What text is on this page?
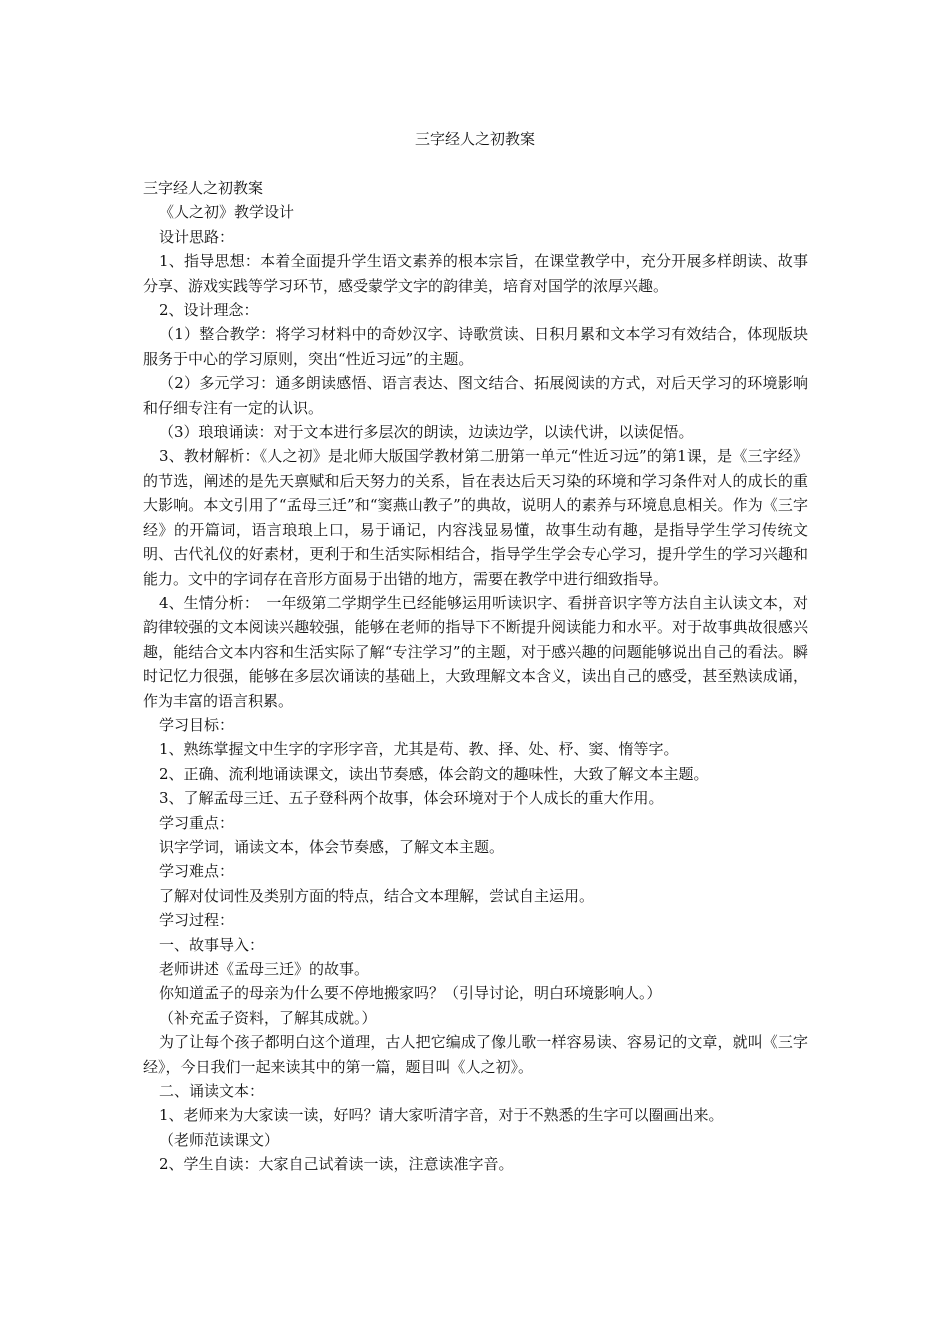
三字经人之初教案

三字经人之初教案

《人之初》教学设计

设计思路：

1、指导思想：本着全面提升学生语文素养的根本宗旨，在课堂教学中，充分开展多样朗读、故事分享、游戏实践等学习环节，感受蒙学文字的韵律美，培育对国学的浓厚兴趣。

2、设计理念：

（1）整合教学：将学习材料中的奇妙汉字、诗歌赏读、日积月累和文本学习有效结合，体现版块服务于中心的学习原则，突出“性近习远”的主题。

（2）多元学习：通多朗读感悟、语言表达、图文结合、拓展阅读的方式，对后天学习的环境影响和仔细专注有一定的认识。

（3）琅琅诵读：对于文本进行多层次的朗读，边读边学，以读代讲，以读促悟。

3、教材解析：《人之初》是北师大版国学教材第二册第一单元“性近习远”的第1课，是《三字经》的节选，阐述的是先天禀赋和后天努力的关系，旨在表达后天习染的环境和学习条件对人的成长的重大影响。本文引用了“孟母三迁”和“窦燕山教子”的典故，说明人的素养与环境息息相关。作为《三字经》的开篇词，语言琅琅上口，易于诵记，内容浅显易懂，故事生动有趣，是指导学生学习传统文明、古代礼仪的好素材，更利于和生活实际相结合，指导学生学会专心学习，提升学生的学习兴趣和能力。文中的字词存在音形方面易于出错的地方，需要在教学中进行细致指导。

4、生情分析：　一年级第二学期学生已经能够运用听读识字、看拼音识字等方法自主认读文本，对韵律较强的文本阅读兴趣较强，能够在老师的指导下不断提升阅读能力和水平。对于故事典故很感兴趣，能结合文本内容和生活实际了解“专注学习”的主题，对于感兴趣的问题能够说出自己的看法。瞬时记忆力很强，能够在多层次诵读的基础上，大致理解文本含义，读出自己的感受，甚至熟读成诵，作为丰富的语言积累。

学习目标：

1、熟练掌握文中生字的字形字音，尤其是苟、教、择、处、杼、窦、惰等字。

2、正确、流利地诵读课文，读出节奏感，体会韵文的趣味性，大致了解文本主题。

3、了解孟母三迁、五子登科两个故事，体会环境对于个人成长的重大作用。

学习重点：

识字学词，诵读文本，体会节奏感，了解文本主题。

学习难点：

了解对仗词性及类别方面的特点，结合文本理解，尝试自主运用。

学习过程：

一、故事导入：

老师讲述《孟母三迁》的故事。

你知道孟子的母亲为什么要不停地搬家吗？（引导讨论，明白环境影响人。）

（补充孟子资料，了解其成就。）

为了让每个孩子都明白这个道理，古人把它编成了像儿歌一样容易读、容易记的文章，就叫《三字经》，今日我们一起来读其中的第一篇，题目叫《人之初》。

二、诵读文本：

1、老师来为大家读一读，好吗？请大家听清字音，对于不熟悉的生字可以圈画出来。

（老师范读课文）

2、学生自读：大家自己试着读一读，注意读准字音。
